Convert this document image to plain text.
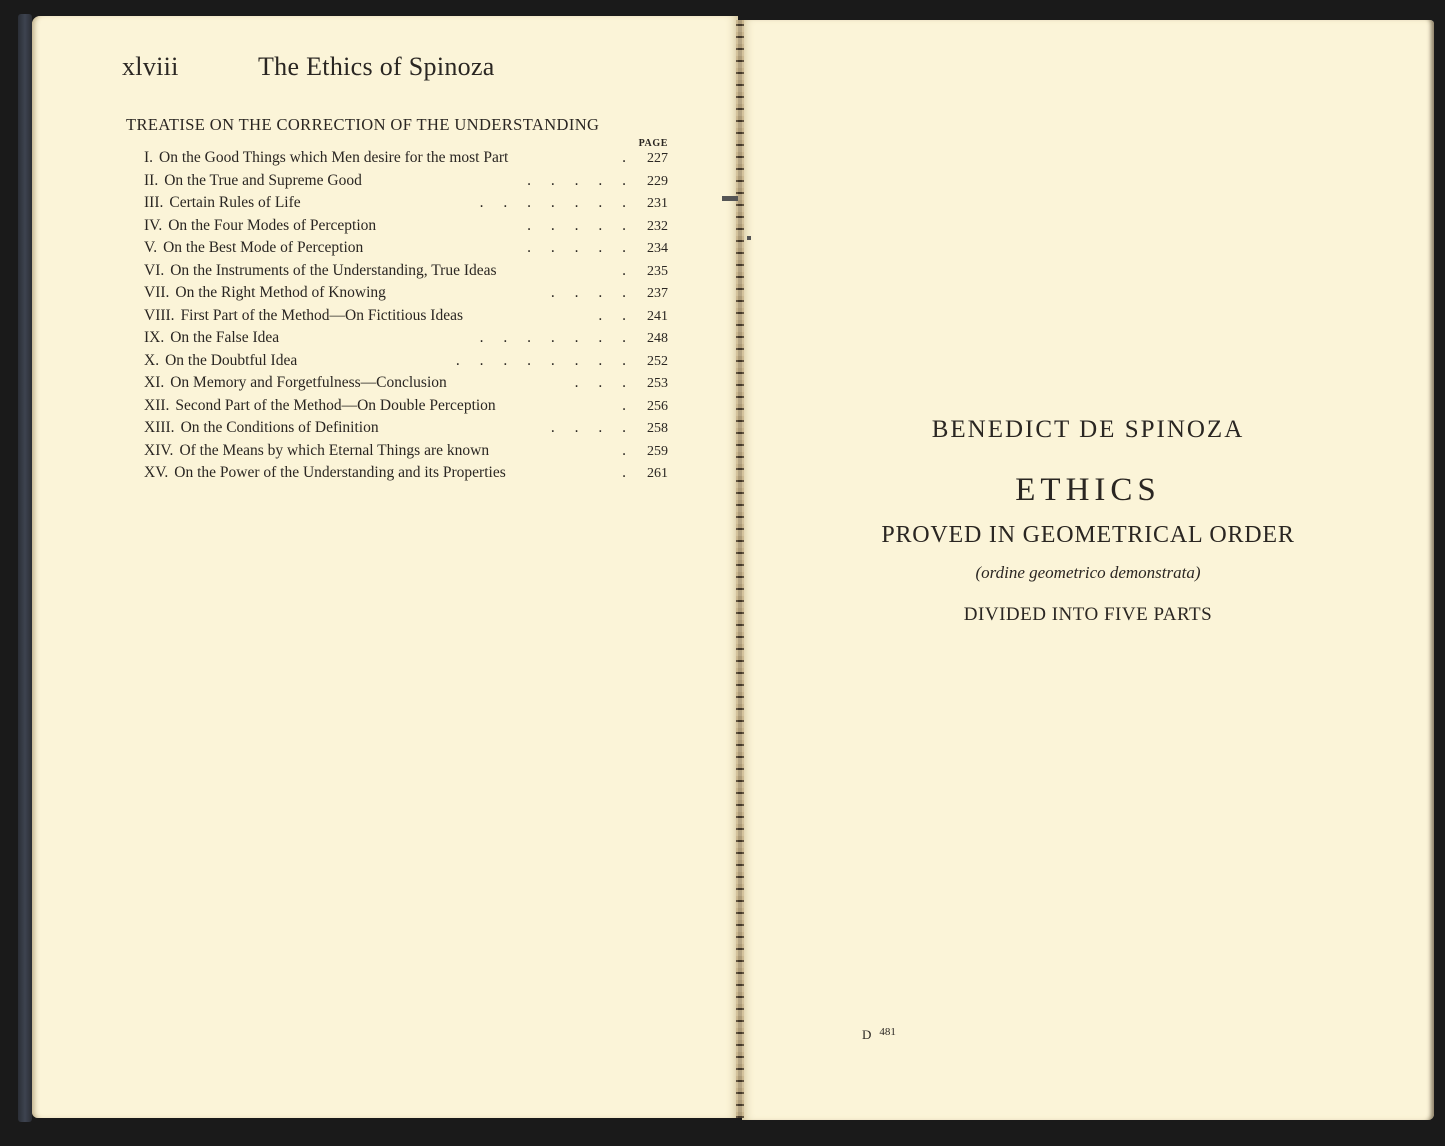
xlviii	The Ethics of Spinoza
TREATISE ON THE CORRECTION OF THE UNDERSTANDING
PAGE
I. On the Good Things which Men desire for the most Part	. 227
II. On the True and Supreme Good	. . . . . 229
III. Certain Rules of Life	. . . . . . . 231
IV. On the Four Modes of Perception	. . . . . 232
V. On the Best Mode of Perception	. . . . . 234
VI. On the Instruments of the Understanding, True Ideas	. 235
VII. On the Right Method of Knowing	. . . . 237
VIII. First Part of the Method—On Fictitious Ideas	. . 241
IX. On the False Idea	. . . . . . . 248
X. On the Doubtful Idea	. . . . . . . . 252
XI. On Memory and Forgetfulness—Conclusion	. . . 253
XII. Second Part of the Method—On Double Perception	. 256
XIII. On the Conditions of Definition	. . . . 258
XIV. Of the Means by which Eternal Things are known	. 259
XV. On the Power of the Understanding and its Properties	. 261
BENEDICT DE SPINOZA
ETHICS
PROVED IN GEOMETRICAL ORDER
(ordine geometrico demonstrata)
DIVIDED INTO FIVE PARTS
D $^{481}$
